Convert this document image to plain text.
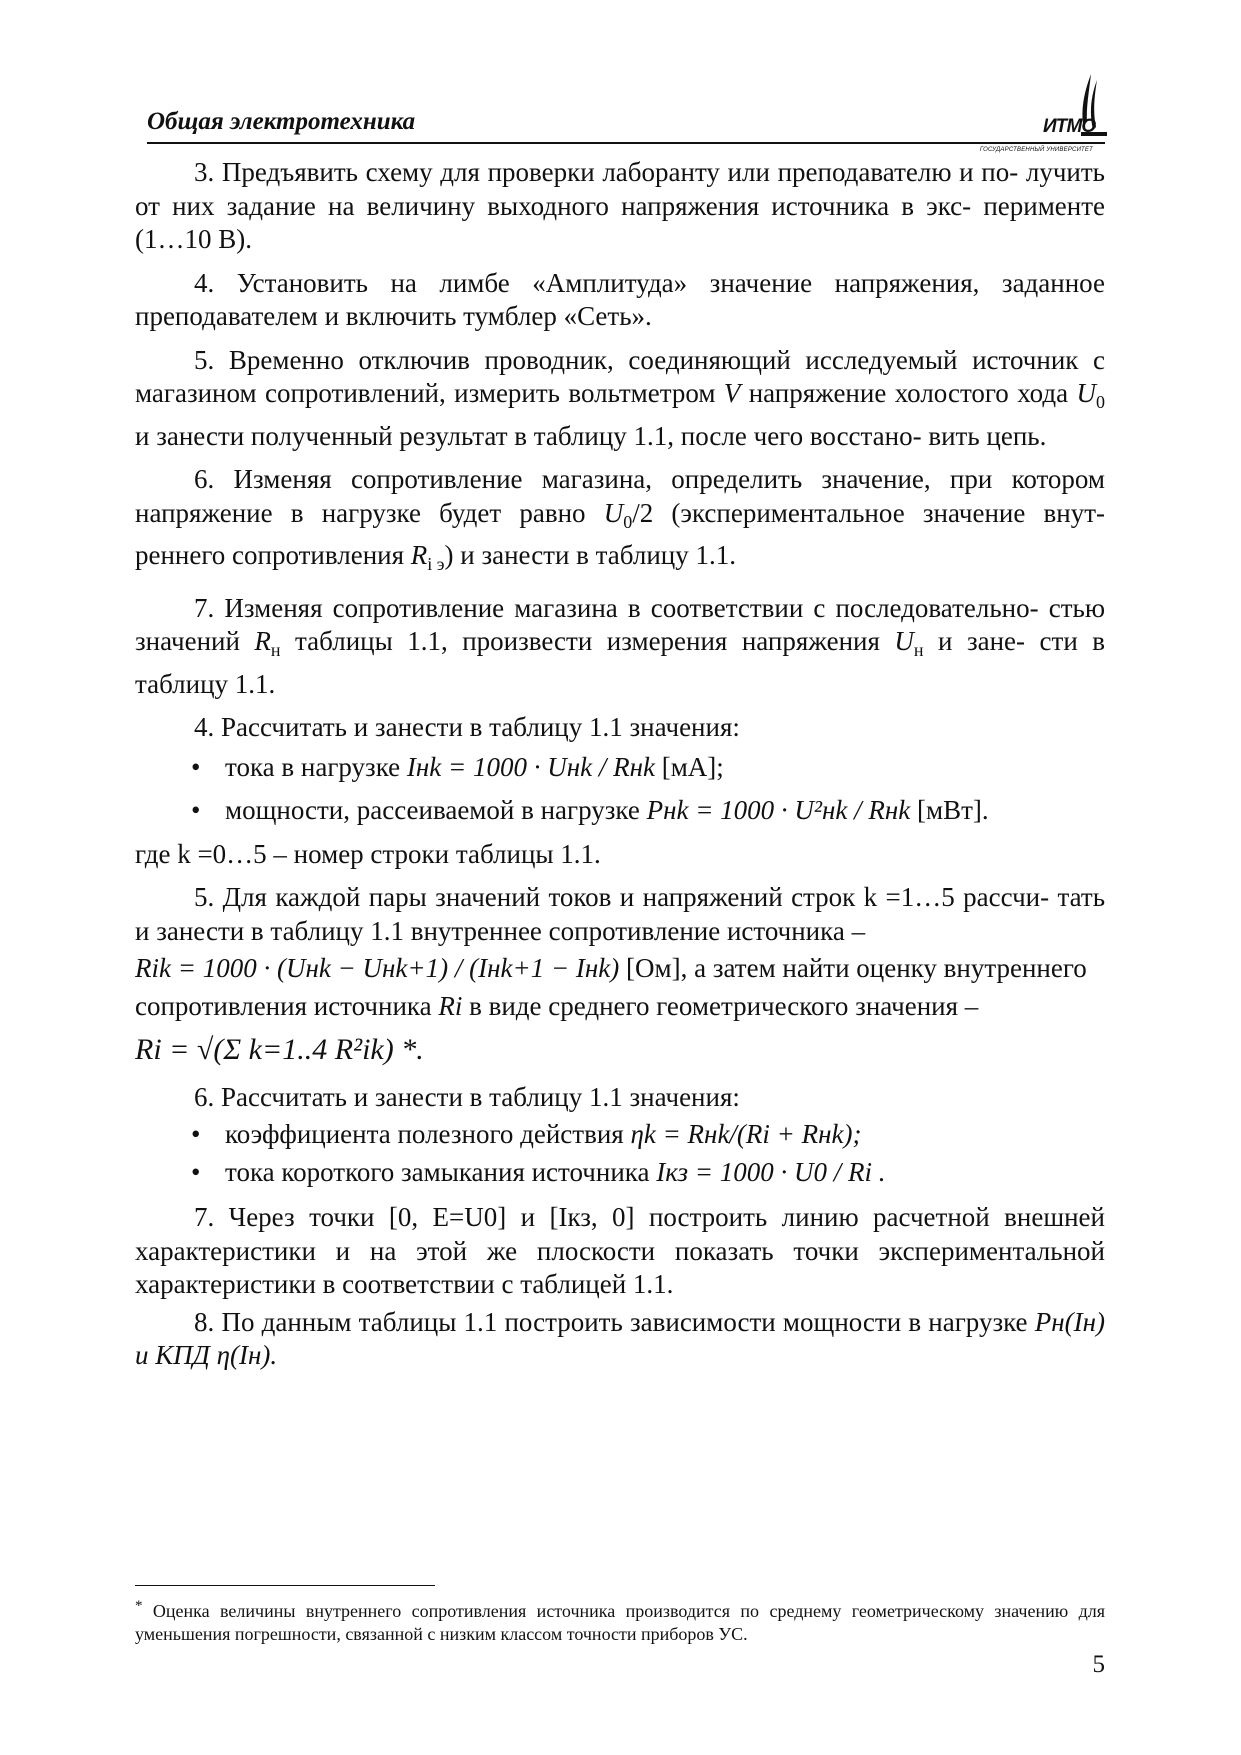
Общая электротехника	ИТМО
ГОСУДАРСТВЕННЫЙ УНИВЕРСИТЕТ
3. Предъявить схему для проверки лаборанту или преподавателю и по- лучить от них задание на величину выходного напряжения источника в экс- перименте (1…10 В).
4. Установить на лимбе «Амплитуда» значение напряжения, заданное преподавателем и включить тумблер «Сеть».
5. Временно отключив проводник, соединяющий исследуемый источник с магазином сопротивлений, измерить вольтметром V напряжение холостого хода $U_0$ и занести полученный результат в таблицу 1.1, после чего восстано- вить цепь.
6. Изменяя сопротивление магазина, определить значение, при котором напряжение в нагрузке будет равно $U_0/2$ (экспериментальное значение внут- реннего сопротивления $R_{i э}$) и занести в таблицу 1.1.
7. Изменяя сопротивление магазина в соответствии с последовательно- стью значений $R_н$ таблицы 1.1, произвести измерения напряжения $U_н$ и зане- сти в таблицу 1.1.
4. Рассчитать и занести в таблицу 1.1 значения:
• тока в нагрузке Iнk = 1000 · Uнk / Rнk [мА];
• мощности, рассеиваемой в нагрузке Pнk = 1000 · U²нk / Rнk [мВт].
где k =0…5 – номер строки таблицы 1.1.
5. Для каждой пары значений токов и напряжений строк k =1…5 рассчи- тать и занести в таблицу 1.1 внутреннее сопротивление источника –
Rik = 1000 · (Uнk − Uнk+1) / (Iнk+1 − Iнk) [Ом], а затем найти оценку внутреннего
сопротивления источника Ri в виде среднего геометрического значения –
Ri = √(Σ k=1..4 R²ik) *.
6. Рассчитать и занести в таблицу 1.1 значения:
• коэффициента полезного действия ηk = Rнk/(Ri + Rнk);
• тока короткого замыкания источника Iкз = 1000 · U0 / Ri .
7. Через точки [0, E=U0] и [Iкз, 0] построить линию расчетной внешней характеристики и на этой же плоскости показать точки экспериментальной характеристики в соответствии с таблицей 1.1.
8. По данным таблицы 1.1 построить зависимости мощности в нагрузке Pн(Iн) и КПД η(Iн).
* Оценка величины внутреннего сопротивления источника производится по среднему геометрическому значению для уменьшения погрешности, связанной с низким классом точности приборов УС.
5
